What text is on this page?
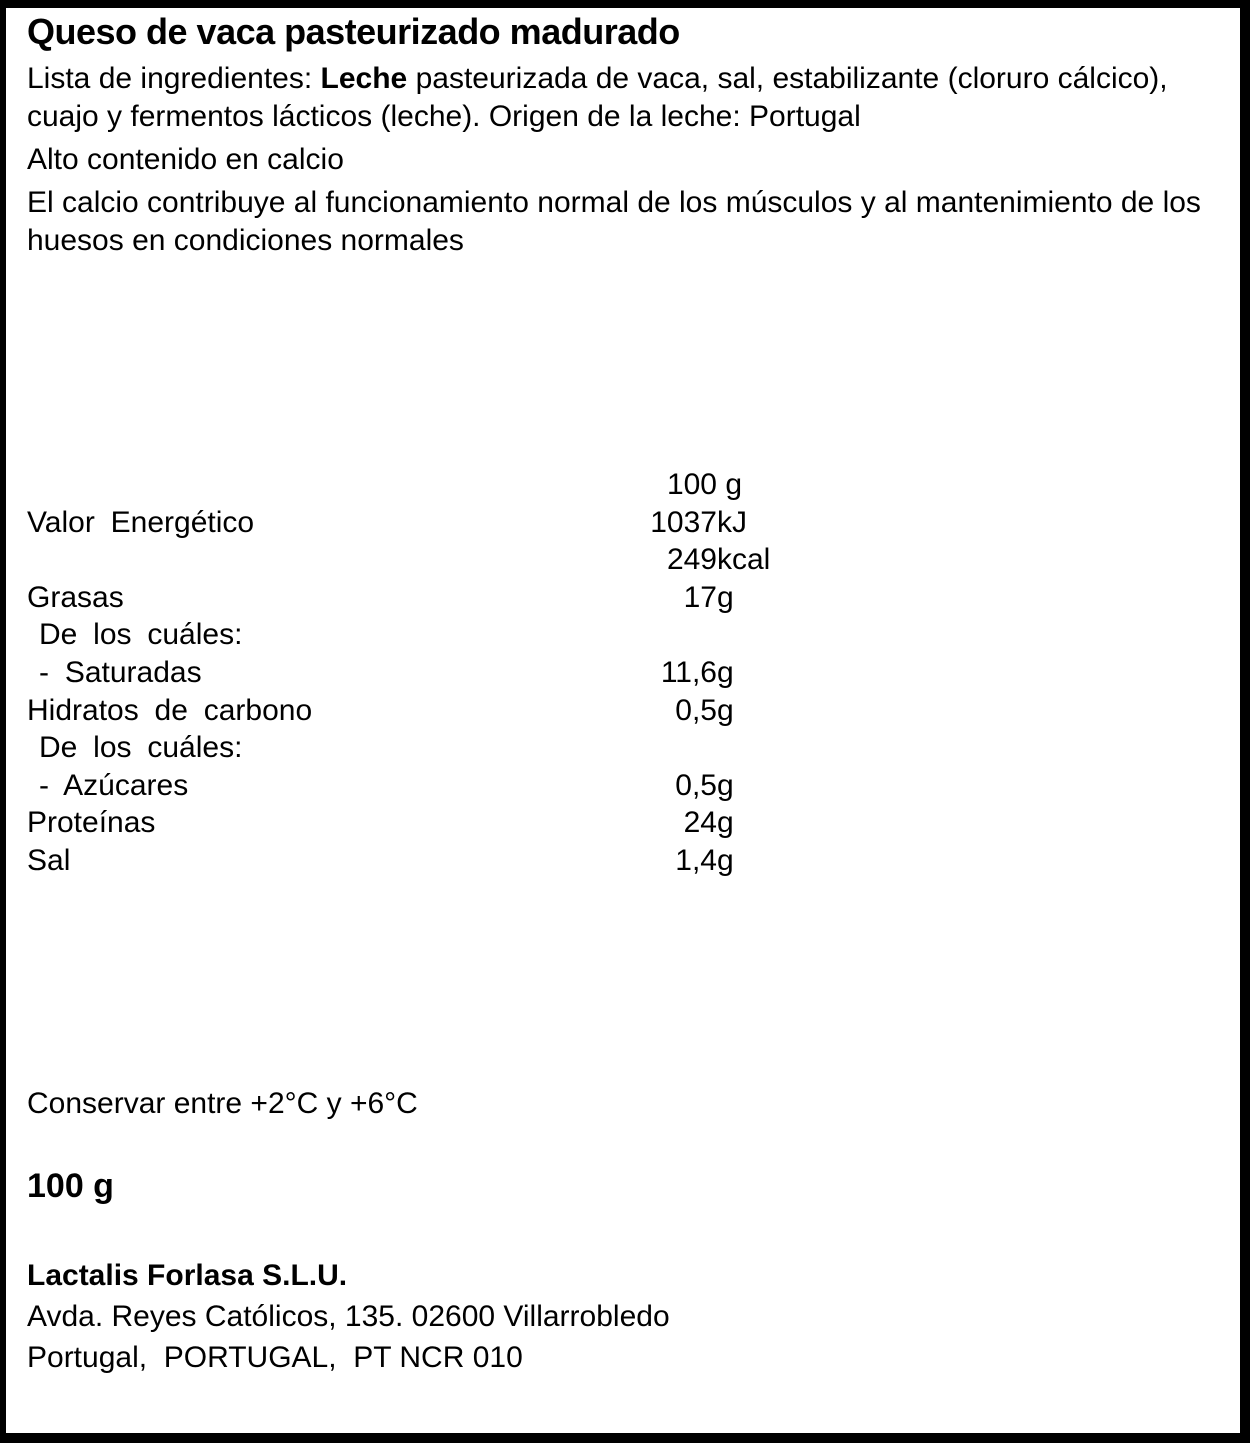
Queso de vaca pasteurizado madurado

Lista de ingredientes: Leche pasteurizada de vaca, sal, estabilizante (cloruro cálcico), cuajo y fermentos lácticos (leche). Origen de la leche: Portugal

Alto contenido en calcio

El calcio contribuye al funcionamiento normal de los músculos y al mantenimiento de los huesos en condiciones normales

100 g
Valor Energético	1037 kJ
249 kcal
Grasas	17 g
De los cuáles:
- Saturadas	11,6 g
Hidratos de carbono	0,5 g
De los cuáles:
- Azúcares	0,5 g
Proteínas	24 g
Sal	1,4 g
Conservar entre +2°C y +6°C
100 g
Lactalis Forlasa S.L.U.
Avda. Reyes Católicos, 135. 02600 Villarrobledo
Portugal,  PORTUGAL,  PT NCR 010
